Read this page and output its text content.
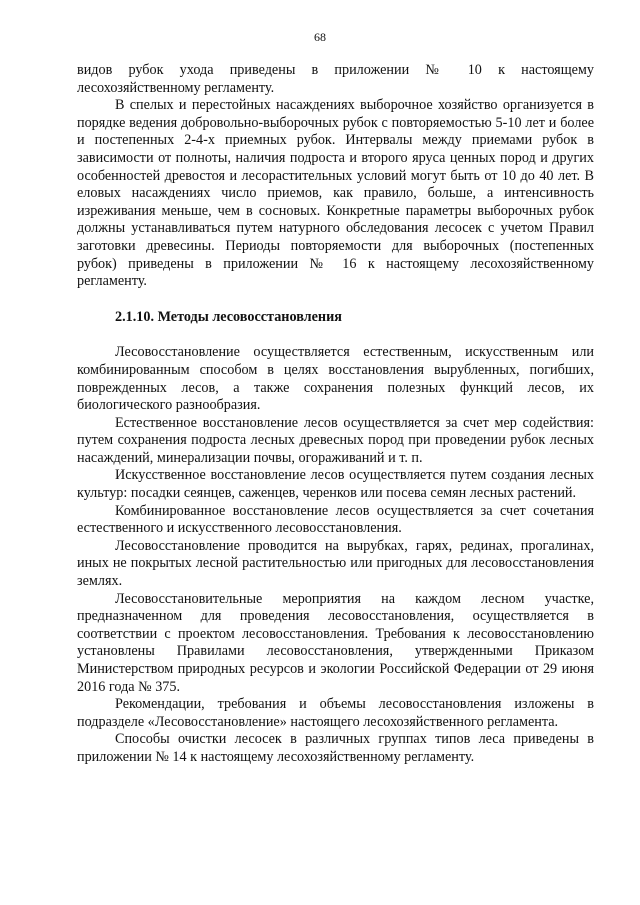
68

видов рубок ухода приведены в приложении № 10 к настоящему лесохозяйственному регламенту.

В спелых и перестойных насаждениях выборочное хозяйство организуется в порядке ведения добровольно-выборочных рубок с повторяемостью 5-10 лет и более и постепенных 2-4-х приемных рубок. Интервалы между приемами рубок в зависимости от полноты, наличия подроста и второго яруса ценных пород и других особенностей древостоя и лесорастительных условий могут быть от 10 до 40 лет. В еловых насаждениях число приемов, как правило, больше, а интенсивность изреживания меньше, чем в сосновых. Конкретные параметры выборочных рубок должны устанавливаться путем натурного обследования лесосек с учетом Правил заготовки древесины. Периоды повторяемости для выборочных (постепенных рубок) приведены в приложении № 16 к настоящему лесохозяйственному регламенту.

2.1.10. Методы лесовосстановления

Лесовосстановление осуществляется естественным, искусственным или комбинированным способом в целях восстановления вырубленных, погибших, поврежденных лесов, а также сохранения полезных функций лесов, их биологического разнообразия.

Естественное восстановление лесов осуществляется за счет мер содействия: путем сохранения подроста лесных древесных пород при проведении рубок лесных насаждений, минерализации почвы, огораживаний и т. п.

Искусственное восстановление лесов осуществляется путем создания лесных культур: посадки сеянцев, саженцев, черенков или посева семян лесных растений.

Комбинированное восстановление лесов осуществляется за счет сочетания естественного и искусственного лесовосстановления.

Лесовосстановление проводится на вырубках, гарях, рединах, прогалинах, иных не покрытых лесной растительностью или пригодных для лесовосстановления землях.

Лесовосстановительные мероприятия на каждом лесном участке, предназначенном для проведения лесовосстановления, осуществляется в соответствии с проектом лесовосстановления. Требования к лесовосстановлению установлены Правилами лесовосстановления, утвержденными Приказом Министерством природных ресурсов и экологии Российской Федерации от 29 июня 2016 года № 375.

Рекомендации, требования и объемы лесовосстановления изложены в подразделе «Лесовосстановление» настоящего лесохозяйственного регламента.

Способы очистки лесосек в различных группах типов леса приведены в приложении № 14 к настоящему лесохозяйственному регламенту.
